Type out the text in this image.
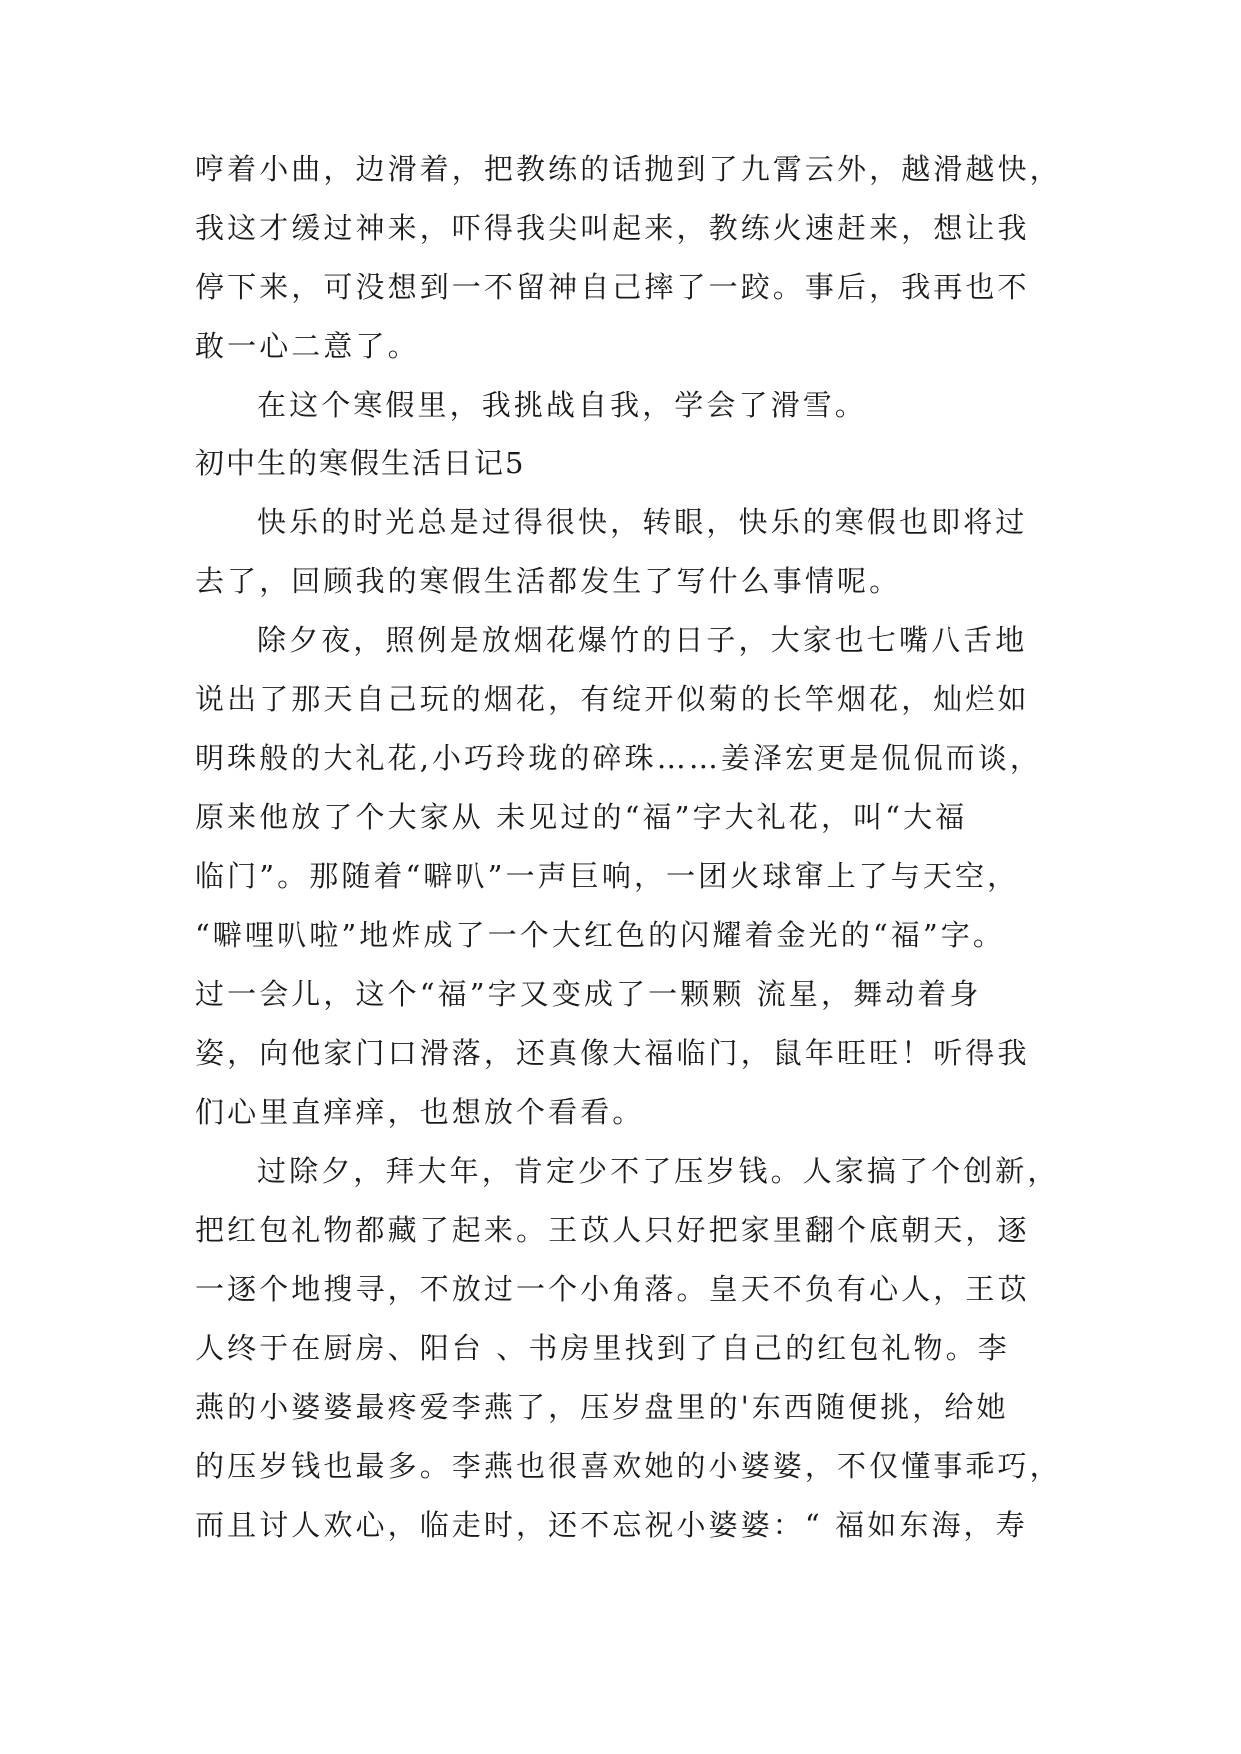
哼着小曲，边滑着，把教练的话抛到了九霄云外，越滑越快，

我这才缓过神来，吓得我尖叫起来，教练火速赶来，想让我

停下来，可没想到一不留神自己摔了一跤。事后，我再也不

敢一心二意了。

在这个寒假里，我挑战自我，学会了滑雪。

初中生的寒假生活日记5

快乐的时光总是过得很快，转眼，快乐的寒假也即将过

去了，回顾我的寒假生活都发生了写什么事情呢。

除夕夜，照例是放烟花爆竹的日子，大家也七嘴八舌地

说出了那天自己玩的烟花，有绽开似菊的长竿烟花，灿烂如

明珠般的大礼花,小巧玲珑的碎珠……姜泽宏更是侃侃而谈，

原来他放了个大家从 未见过的“福”字大礼花，叫“大福

临门”。那随着“噼叭”一声巨响，一团火球窜上了与天空，

“噼哩叭啦”地炸成了一个大红色的闪耀着金光的“福”字。

过一会儿，这个“福”字又变成了一颗颗 流星，舞动着身

姿，向他家门口滑落，还真像大福临门，鼠年旺旺！听得我

们心里直痒痒，也想放个看看。

过除夕，拜大年，肯定少不了压岁钱。人家搞了个创新，

把红包礼物都藏了起来。王苡人只好把家里翻个底朝天，逐

一逐个地搜寻，不放过一个小角落。皇天不负有心人，王苡

人终于在厨房、阳台 、书房里找到了自己的红包礼物。李

燕的小婆婆最疼爱李燕了，压岁盘里的'东西随便挑，给她

的压岁钱也最多。李燕也很喜欢她的小婆婆，不仅懂事乖巧，

而且讨人欢心，临走时，还不忘祝小婆婆：“ 福如东海，寿
